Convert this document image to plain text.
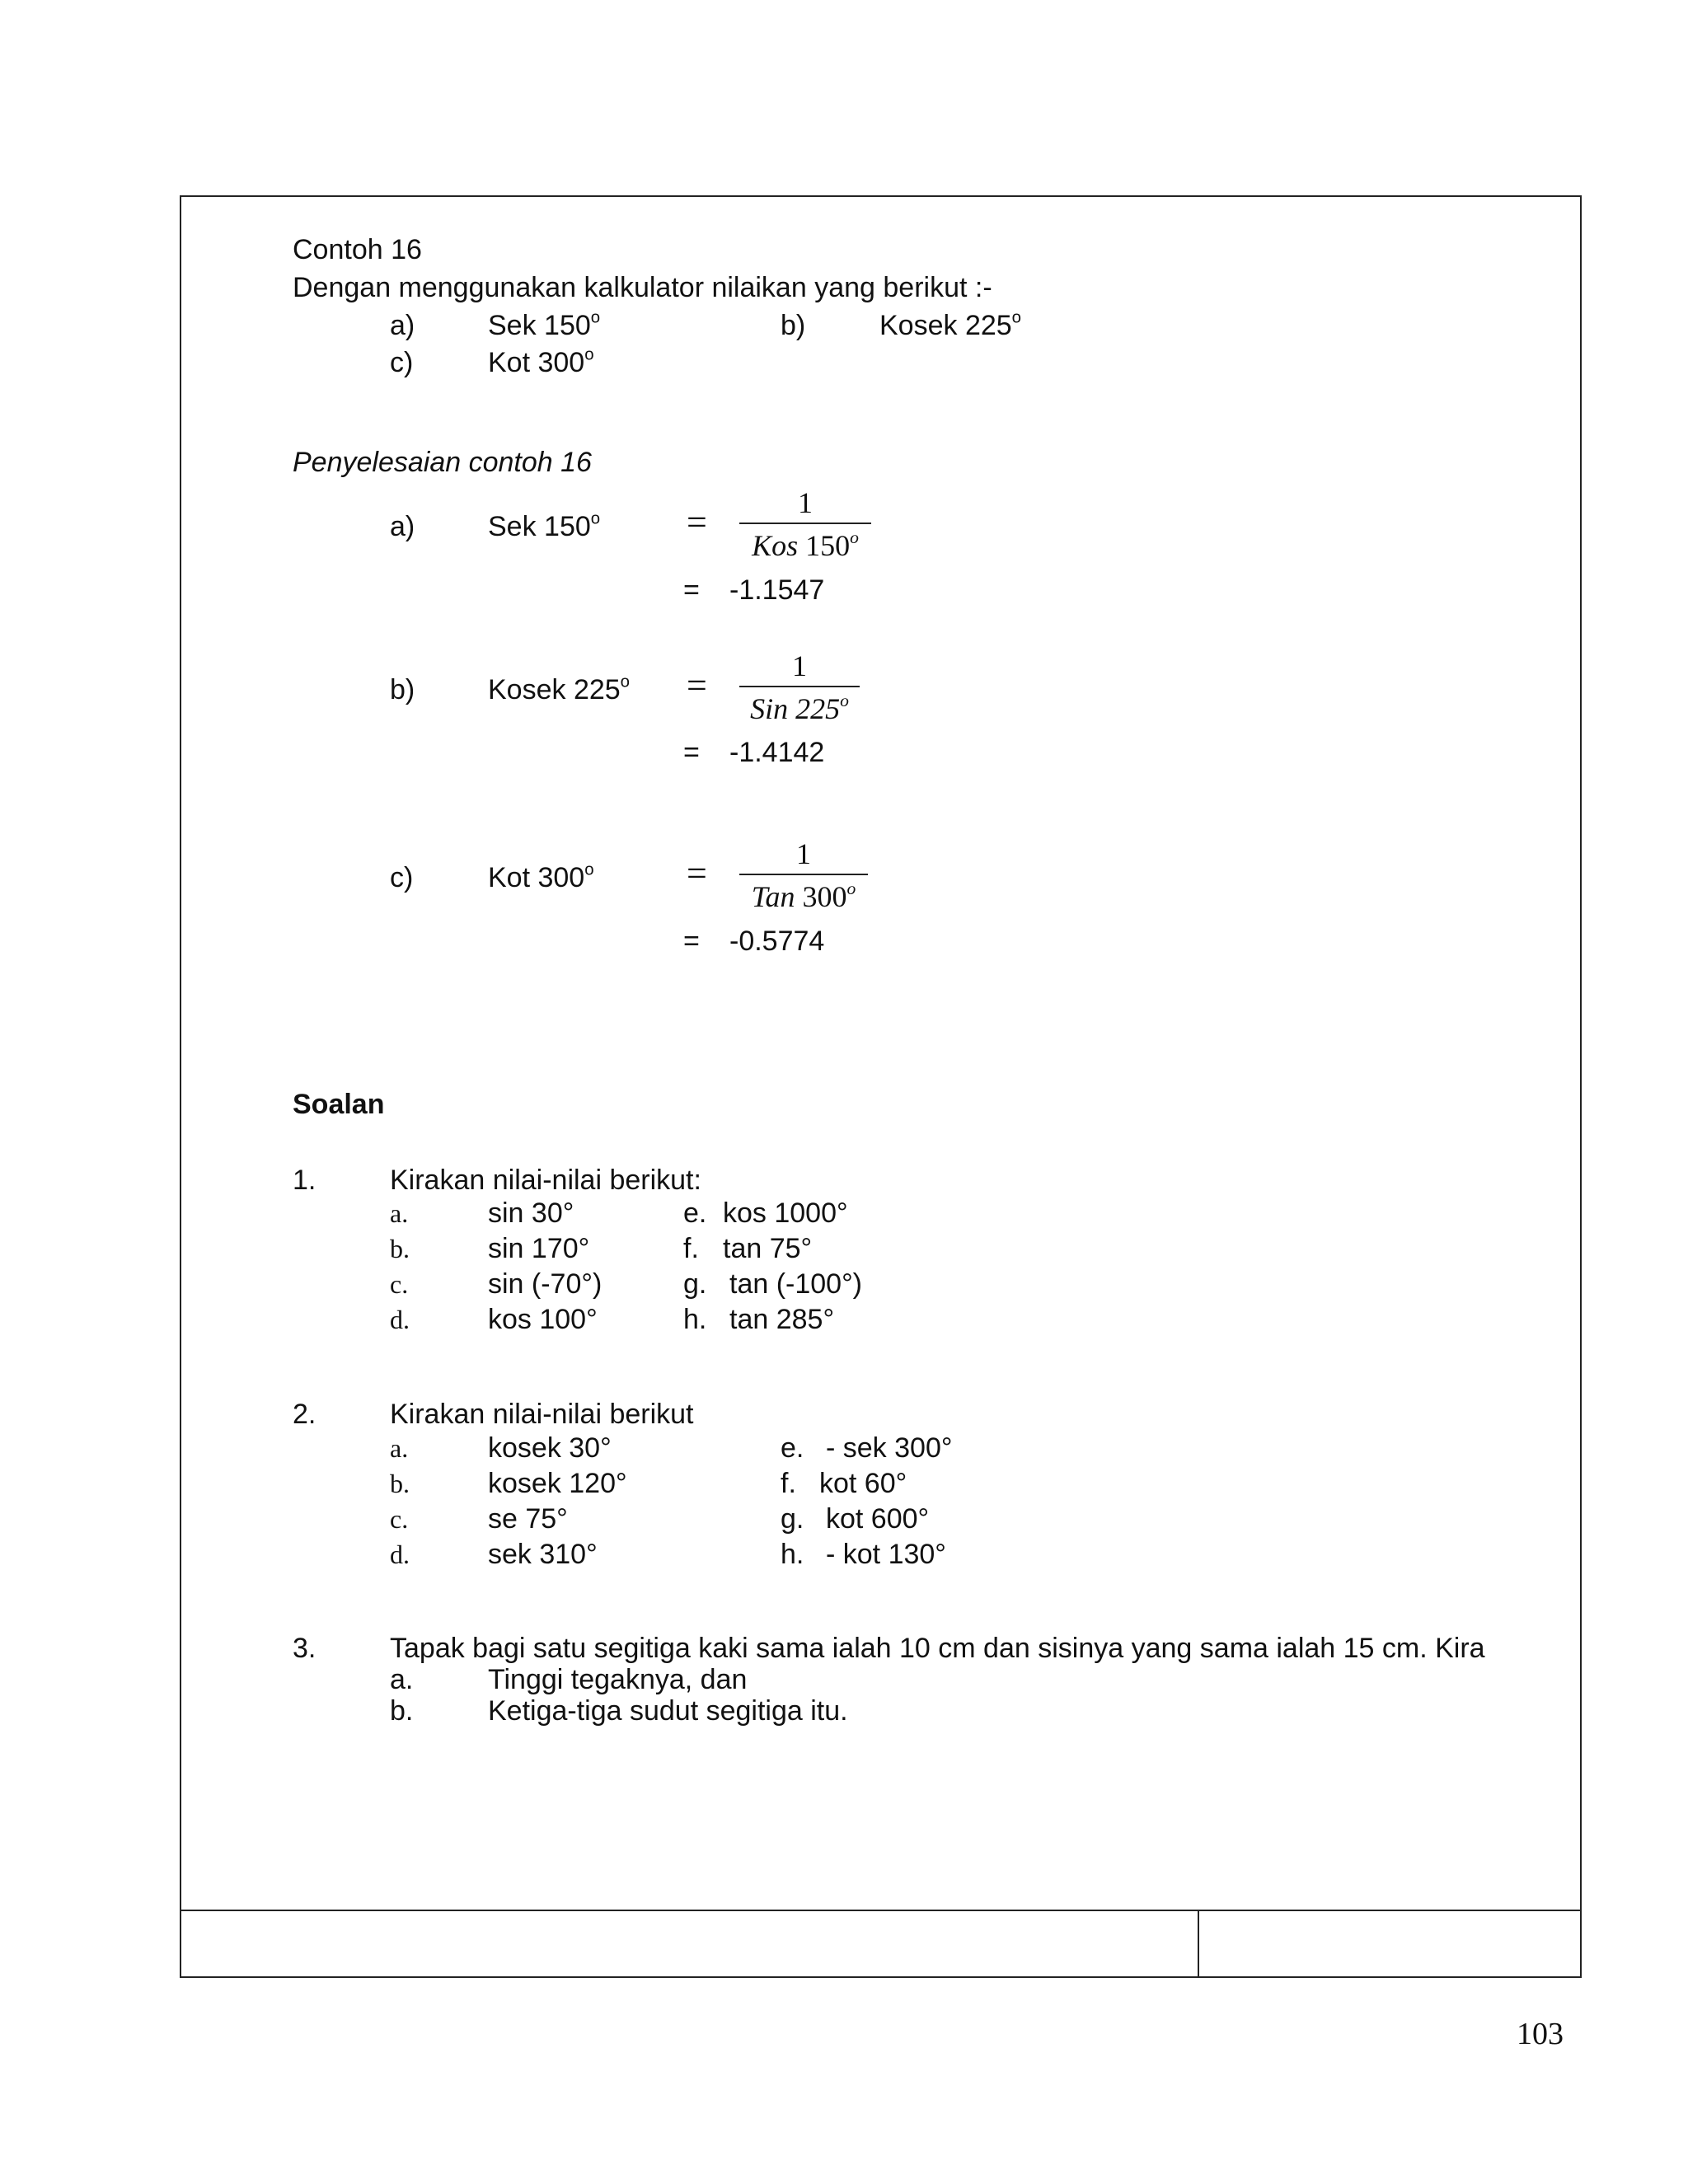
Contoh 16
Dengan menggunakan kalkulator nilaikan yang berikut :-
a)	Sek 150$^o$	b)	Kosek 225$^o$
c)	Kot 300$^o$
Penyelesaian contoh 16
a)	Sek $150^o$ =	1
Kos $150^o$
= -1.1547
b)	Kosek $225^o$ =	1
Sin $225^o$
= -1.4142
c)	Kot $300^o$	=	1
Tan $300^o$
= -0.5774
Soalan
1.	Kirakan nilai-nilai berikut:
a.	sin 30°	e. kos 1000°
b.	sin 170°	f. tan 75°
c.	sin (-70°)	g. tan (-100°)
d.	kos 100°	h. tan 285°
2.	Kirakan nilai-nilai berikut
a.	kosek 30°	e. - sek 300°
b.	kosek 120°	f. kot 60°
c.	se 75°	g. kot 600°
d.	sek 310°	h. - kot 130°
3.	Tapak bagi satu segitiga kaki sama ialah 10 cm dan sisinya yang sama ialah 15 cm. Kira
a.	Tinggi tegaknya, dan
b.	Ketiga-tiga sudut segitiga itu.
103
